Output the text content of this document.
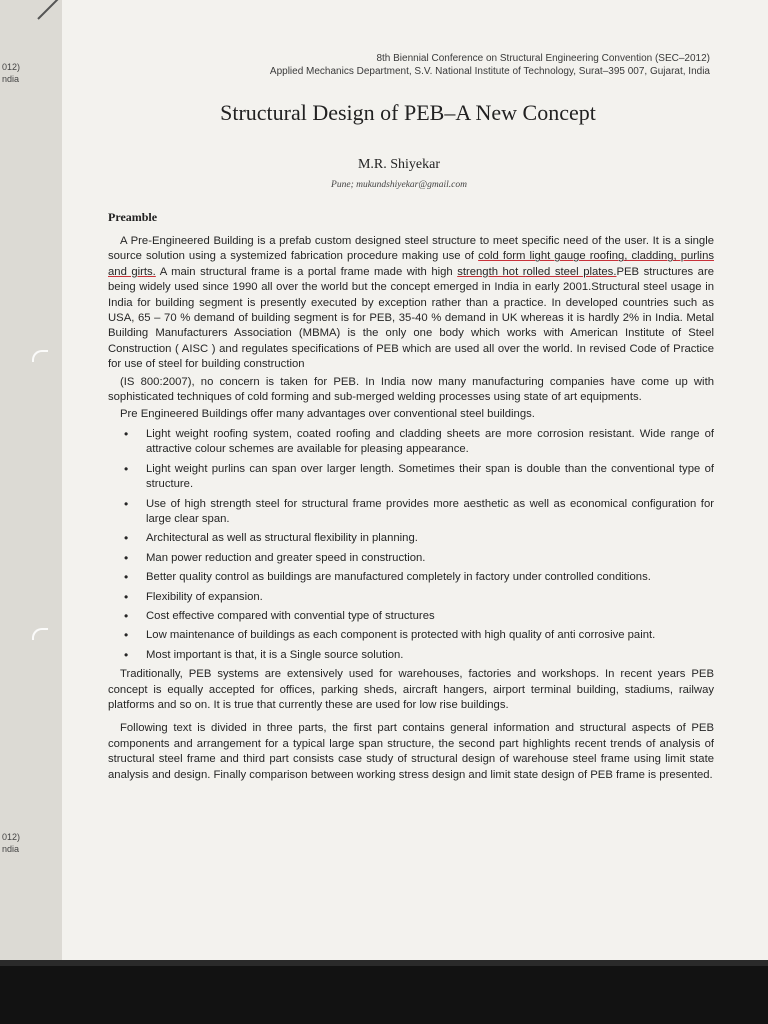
012)
ndia
012)
ndia
8th Biennial Conference on Structural Engineering Convention (SEC–2012)
Applied Mechanics Department, S.V. National Institute of Technology, Surat–395 007, Gujarat, India
Structural Design of PEB–A New Concept
M.R. Shiyekar
Pune; mukundshiyekar@gmail.com
Preamble

A Pre-Engineered Building is a prefab custom designed steel structure to meet specific need of the user. It is a single source solution using a systemized fabrication procedure making use of cold form light gauge roofing, cladding, purlins and girts. A main structural frame is a portal frame made with high strength hot rolled steel plates.PEB structures are being widely used since 1990 all over the world but the concept emerged in India in early 2001.Structural steel usage in India for building segment is presently executed by exception rather than a practice. In developed countries such as USA, 65 – 70 % demand of building segment is for PEB, 35-40 % demand in UK whereas it is hardly 2% in India. Metal Building Manufacturers Association (MBMA) is the only one body which works with American Institute of Steel Construction ( AISC ) and regulates specifications of PEB which are used all over the world. In revised Code of Practice for use of steel for building construction

(IS 800:2007), no concern is taken for PEB. In India now many manufacturing companies have come up with sophisticated techniques of cold forming and sub-merged welding processes using state of art equipments.

Pre Engineered Buildings offer many advantages over conventional steel buildings.

• Light weight roofing system, coated roofing and cladding sheets are more corrosion resistant. Wide range of attractive colour schemes are available for pleasing appearance.
• Light weight purlins can span over larger length. Sometimes their span is double than the conventional type of structure.
• Use of high strength steel for structural frame provides more aesthetic as well as economical configuration for large clear span.
• Architectural as well as structural flexibility in planning.
• Man power reduction and greater speed in construction.
• Better quality control as buildings are manufactured completely in factory under controlled conditions.
• Flexibility of expansion.
• Cost effective compared with convential type of structures
• Low maintenance of buildings as each component is protected with high quality of anti corrosive paint.
• Most important is that, it is a Single source solution.

Traditionally, PEB systems are extensively used for warehouses, factories and workshops. In recent years PEB concept is equally accepted for offices, parking sheds, aircraft hangers, airport terminal building, stadiums, railway platforms and so on. It is true that currently these are used for low rise buildings.

Following text is divided in three parts, the first part contains general information and structural aspects of PEB components and arrangement for a typical large span structure, the second part highlights recent trends of analysis of structural steel frame and third part consists case study of structural design of warehouse steel frame using limit state analysis and design. Finally comparison between working stress design and limit state design of PEB frame is presented.
